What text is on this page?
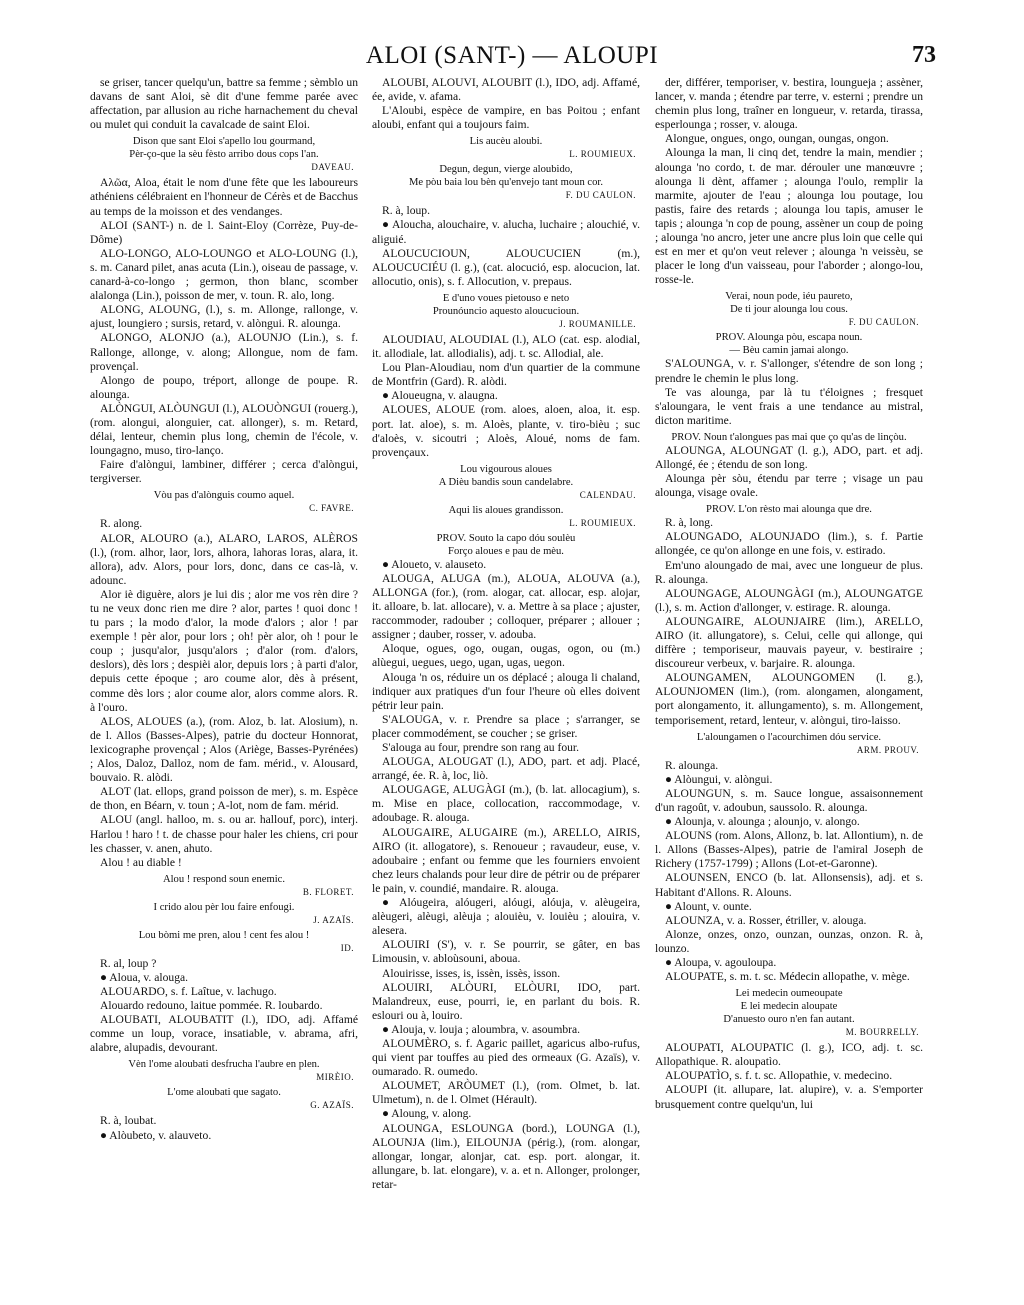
ALOI (SANT-) — ALOUPI	73
se griser, tancer quelqu'un, battre sa femme ; sèmblo un davans de sant Aloi, sè dit d'une femme parée avec affectation, par allusion au riche harnachement du cheval ou mulet qui conduit la cavalcade de saint Eloi.
Dison que sant Eloi s'apello lou gourmand,
Pèr-ço-que la sèu fèsto arribo dous cops l'an.
DAVEAU.
Αλῶα, Aloa, était le nom d'une fête que les laboureurs athéniens célébraient en l'honneur de Cérès et de Bacchus au temps de la moisson et des vendanges.
ALOI (SANT-) n. de l. Saint-Eloy (Corrèze, Puy-de-Dôme)
ALO-LONGO, ALO-LOUNGO et ALO-LOUNG (l.), s. m. Canard pilet, anas acuta (Lin.), oiseau de passage, v. canard-à-co-longo ; germon, thon blanc, scomber alalonga (Lin.), poisson de mer, v. toun. R. alo, long.
ALONG, ALOUNG, (l.), s. m. Allonge, rallonge, v. ajust, loungiero ; sursis, retard, v. alòngui. R. alounga.
ALONGO, ALONJO (a.), ALOUNJO (Lin.), s. f. Rallonge, allonge, v. along; Allongue, nom de fam. provençal.
Alongo de poupo, tréport, allonge de poupe. R. alounga.
ALÒNGUI, ALÒUNGUI (l.), ALOUÒNGUI (rouerg.), (rom. alongui, alonguier, cat. allonger), s. m. Retard, délai, lenteur, chemin plus long, chemin de l'école, v. loungagno, muso, tiro-lanço.
Faire d'alòngui, lambiner, différer ; cerca d'alòngui, tergiverser.
Vòu pas d'alònguis coumo aquel.
C. FAVRE.
R. along.
ALOR, ALOURO (a.), ALARO, LAROS, ALÈROS (l.), (rom. alhor, laor, lors, alhora, lahoras loras, alara, it. allora), adv. Alors, pour lors, donc, dans ce cas-là, v. adounc.
Alor iè diguère, alors je lui dis ; alor me vos rèn dire ? tu ne veux donc rien me dire ? alor, partes ! quoi donc ! tu pars ; la modo d'alor, la mode d'alors ; alor ! par exemple ! pèr alor, pour lors ; oh! pèr alor, oh ! pour le coup ; jusqu'alor, jusqu'alors ; d'alor (rom. d'alors, deslors), dès lors ; despièi alor, depuis lors ; à parti d'alor, depuis cette époque ; aro coume alor, dès à présent, comme dès lors ; alor coume alor, alors comme alors. R. à l'ouro.
ALOS, ALOUES (a.), (rom. Aloz, b. lat. Alosium), n. de l. Allos (Basses-Alpes), patrie du docteur Honnorat, lexicographe provençal ; Alos (Ariège, Basses-Pyrénées) ; Alos, Daloz, Dalloz, nom de fam. mérid., v. Alousard, bouvaio. R. alòdi.
ALOT (lat. ellops, grand poisson de mer), s. m. Espèce de thon, en Béarn, v. toun ; A-lot, nom de fam. mérid.
ALOU (angl. halloo, m. s. ou ar. hallouf, porc), interj. Harlou ! haro ! t. de chasse pour haler les chiens, cri pour les chasser, v. anen, ahuto.
Alou ! au diable !
Alou ! respond soun enemic.
B. FLORET.
I crido alou pèr lou faire enfougi.
J. AZAÏS.
Lou bòmi me pren, alou ! cent fes alou !
ID.
R. al, loup ?
● Aloua, v. alouga.
ALOUARDO, s. f. Laîtue, v. lachugo.
Alouardo redouno, laitue pommée. R. loubardo.
ALOUBATI, ALOUBATIT (l.), IDO, adj. Affamé comme un loup, vorace, insatiable, v. abrama, afri, alabre, alupadis, devourant.
Vèn l'ome aloubati desfrucha l'aubre en plen.
MIRÈIO.
L'ome aloubati que sagato.
G. AZAÏS.
R. à, loubat.
● Alòubeto, v. alauveto.
ALOUBI, ALOUVI, ALOUBIT (l.), IDO, adj. Affamé, ée, avide, v. afama.
L'Aloubi, espèce de vampire, en bas Poitou ; enfant aloubi, enfant qui a toujours faim.
Lis aucèu aloubi.
L. ROUMIEUX.
Degun, degun, vierge aloubido,
Me pòu baia lou bèn qu'envejo tant moun cor.
F. DU CAULON.
R. à, loup.
● Aloucha, alouchaire, v. alucha, luchaire ; alouchié, v. aliguié.
ALOUCUCIOUN, ALOUCUCIEN (m.), ALOUCUCIÉU (l. g.), (cat. alocució, esp. alocucion, lat. allocutio, onis), s. f. Allocution, v. prepaus.
E d'uno voues pietouso e neto
Prounóuncio aquesto aloucucioun.
J. ROUMANILLE.
ALOUDIAU, ALOUDIAL (l.), ALO (cat. esp. alodial, it. allodiale, lat. allodialis), adj. t. sc. Allodial, ale.
Lou Plan-Aloudiau, nom d'un quartier de la commune de Montfrin (Gard). R. alòdi.
● Aloueugna, v. alaugna.
ALOUES, ALOUE (rom. aloes, aloen, aloa, it. esp. port. lat. aloe), s. m. Aloès, plante, v. tiro-bièu ; suc d'aloès, v. sicoutri ; Aloès, Aloué, noms de fam. provençaux.
Lou vigourous aloues
A Dièu bandis soun candelabre.
CALENDAU.
Aqui lis aloues grandisson.
L. ROUMIEUX.
PROV. Souto la capo dóu soulèu
Forço aloues e pau de mèu.
● Aloueto, v. alauseto.
ALOUGA, ALUGA (m.), ALOUA, ALOUVA (a.), ALLONGA (for.), (rom. alogar, cat. allocar, esp. alojar, it. alloare, b. lat. allocare), v. a. Mettre à sa place ; ajuster, raccommoder, radouber ; colloquer, préparer ; allouer ; assigner ; dauber, rosser, v. adouba.
Aloque, ogues, ogo, ougan, ougas, ogon, ou (m.) alùegui, uegues, uego, ugan, ugas, uegon.
Alouga 'n os, réduire un os déplacé ; alouga li chaland, indiquer aux pratiques d'un four l'heure où elles doivent pétrir leur pain.
S'ALOUGA, v. r. Prendre sa place ; s'arranger, se placer commodément, se coucher ; se griser.
S'alouga au four, prendre son rang au four.
ALOUGA, ALOUGAT (l.), ADO, part. et adj. Placé, arrangé, ée. R. à, loc, liò.
ALOUGAGE, ALUGÀGI (m.), (b. lat. allocagium), s. m. Mise en place, collocation, raccommodage, v. adoubage. R. alouga.
ALOUGAIRE, ALUGAIRE (m.), ARELLO, AIRIS, AIRO (it. allogatore), s. Renoueur ; ravaudeur, euse, v. adoubaire ; enfant ou femme que les fourniers envoient chez leurs chalands pour leur dire de pétrir ou de préparer le pain, v. coundié, mandaire. R. alouga.
● Alóugeira, alóugeri, alóugi, alóuja, v. alèugeira, alèugeri, alèugi, alèuja ; alouièu, v. louièu ; alouira, v. alesera.
ALOUIRI (S'), v. r. Se pourrir, se gâter, en bas Limousin, v. abloùsouni, abouа.
Alouirisse, isses, is, issèn, issès, isson.
ALOUIRI, ALÒURI, ELÒURI, IDO, part. Malandreux, euse, pourri, ie, en parlant du bois. R. eslouri ou à, louiro.
● Alouja, v. louja ; aloumbra, v. asoumbra.
ALOUMÈRO, s. f. Agaric paillet, agaricus albo-rufus, qui vient par touffes au pied des ormeaux (G. Azaïs), v. oumarado. R. oumedo.
ALOUMET, ARÒUMET (l.), (rom. Olmet, b. lat. Ulmetum), n. de l. Olmet (Hérault).
● Aloung, v. along.
ALOUNGA, ESLOUNGA (bord.), LOUNGA (l.), ALOUNJA (lim.), EILOUNJA (périg.), (rom. alongar, allongar, longar, alonjar, cat. esp. port. alongar, it. allungare, b. lat. elongare), v. a. et n. Allonger, prolonger, retar-
der, différer, temporiser, v. bestira, loungueja ; assèner, lancer, v. manda ; étendre par terre, v. esterni ; prendre un chemin plus long, traîner en longueur, v. retarda, tirassa, esperlounga ; rosser, v. alouga.
Alongue, ongues, ongo, oungan, oungas, ongon.
Alounga la man, li cinq det, tendre la main, mendier ; alounga 'no cordo, t. de mar. dérouler une manœuvre ; alounga li dènt, affamer ; alounga l'oulo, remplir la marmite, ajouter de l'eau ; alounga lou poutage, lou pastis, faire des retards ; alounga lou tapis, amuser le tapis ; alounga 'n cop de poung, assèner un coup de poing ; alounga 'no ancro, jeter une ancre plus loin que celle qui est en mer et qu'on veut relever ; alounga 'n veissèu, se placer le long d'un vaisseau, pour l'aborder ; alongo-lou, rosse-le.
Verai, noun pode, iéu paureto,
De ti jour alounga lou cous.
F. DU CAULON.
PROV. Alounga pòu, escapa noun.
— Bèu camin jamai alongo.
S'ALOUNGA, v. r. S'allonger, s'étendre de son long ; prendre le chemin le plus long.
Te vas alounga, par là tu t'éloignes ; fresquet s'aloungara, le vent frais a une tendance au mistral, dicton maritime.
PROV. Noun t'alongues pas mai que ço qu'as de linçòu.
ALOUNGA, ALOUNGAT (l. g.), ADO, part. et adj. Allongé, ée ; étendu de son long.
Alounga pèr sòu, étendu par terre ; visage un pau alounga, visage ovale.
PROV. L'on rèsto mai alounga que dre.
R. à, long.
ALOUNGADO, ALOUNJADO (lim.), s. f. Partie allongée, ce qu'on allonge en une fois, v. estirado.
Em'uno aloungado de mai, avec une longueur de plus. R. alounga.
ALOUNGAGE, ALOUNGÀGI (m.), ALOUNGATGE (l.), s. m. Action d'allonger, v. estirage. R. alounga.
ALOUNGAIRE, ALOUNJAIRE (lim.), ARELLO, AIRO (it. allungatore), s. Celui, celle qui allonge, qui diffère ; temporiseur, mauvais payeur, v. bestiraire ; discoureur verbeux, v. barjaire. R. alounga.
ALOUNGAMEN, ALOUNGOMEN (l. g.), ALOUNJOMEN (lim.), (rom. alongamen, alongament, port alongamento, it. allungamento), s. m. Allongement, temporisement, retard, lenteur, v. alòngui, tiro-laisso.
L'aloungamen o l'acourchimen dóu service.
ARM. PROUV.
R. alounga.
● Alòungui, v. alòngui.
ALOUNGUN, s. m. Sauce longue, assaisonnement d'un ragoût, v. adoubun, saussolo. R. alounga.
● Alounja, v. alounga ; alounjo, v. alongo.
ALOUNS (rom. Alons, Allonz, b. lat. Allontium), n. de l. Allons (Basses-Alpes), patrie de l'amiral Joseph de Richery (1757-1799) ; Allons (Lot-et-Garonne).
ALOUNSEN, ENCO (b. lat. Allonsensis), adj. et s. Habitant d'Allons. R. Alouns.
● Alount, v. ounte.
ALOUNZA, v. a. Rosser, étriller, v. alouga.
Alonze, onzes, onzo, ounzan, ounzas, onzon. R. à, lounzo.
● Aloupa, v. agouloupa.
ALOUPATE, s. m. t. sc. Médecin allopathe, v. mège.
Lei medecin oumeoupate
E lei medecin aloupate
D'anuesto ouro n'en fan autant.
M. BOURRELLY.
ALOUPATI, ALOUPATIC (l. g.), ICO, adj. t. sc. Allopathique. R. aloupatìo.
ALOUPATÌO, s. f. t. sc. Allopathie, v. medecino.
ALOUPI (it. allupare, lat. alupire), v. a. S'emporter brusquement contre quelqu'un, lui
